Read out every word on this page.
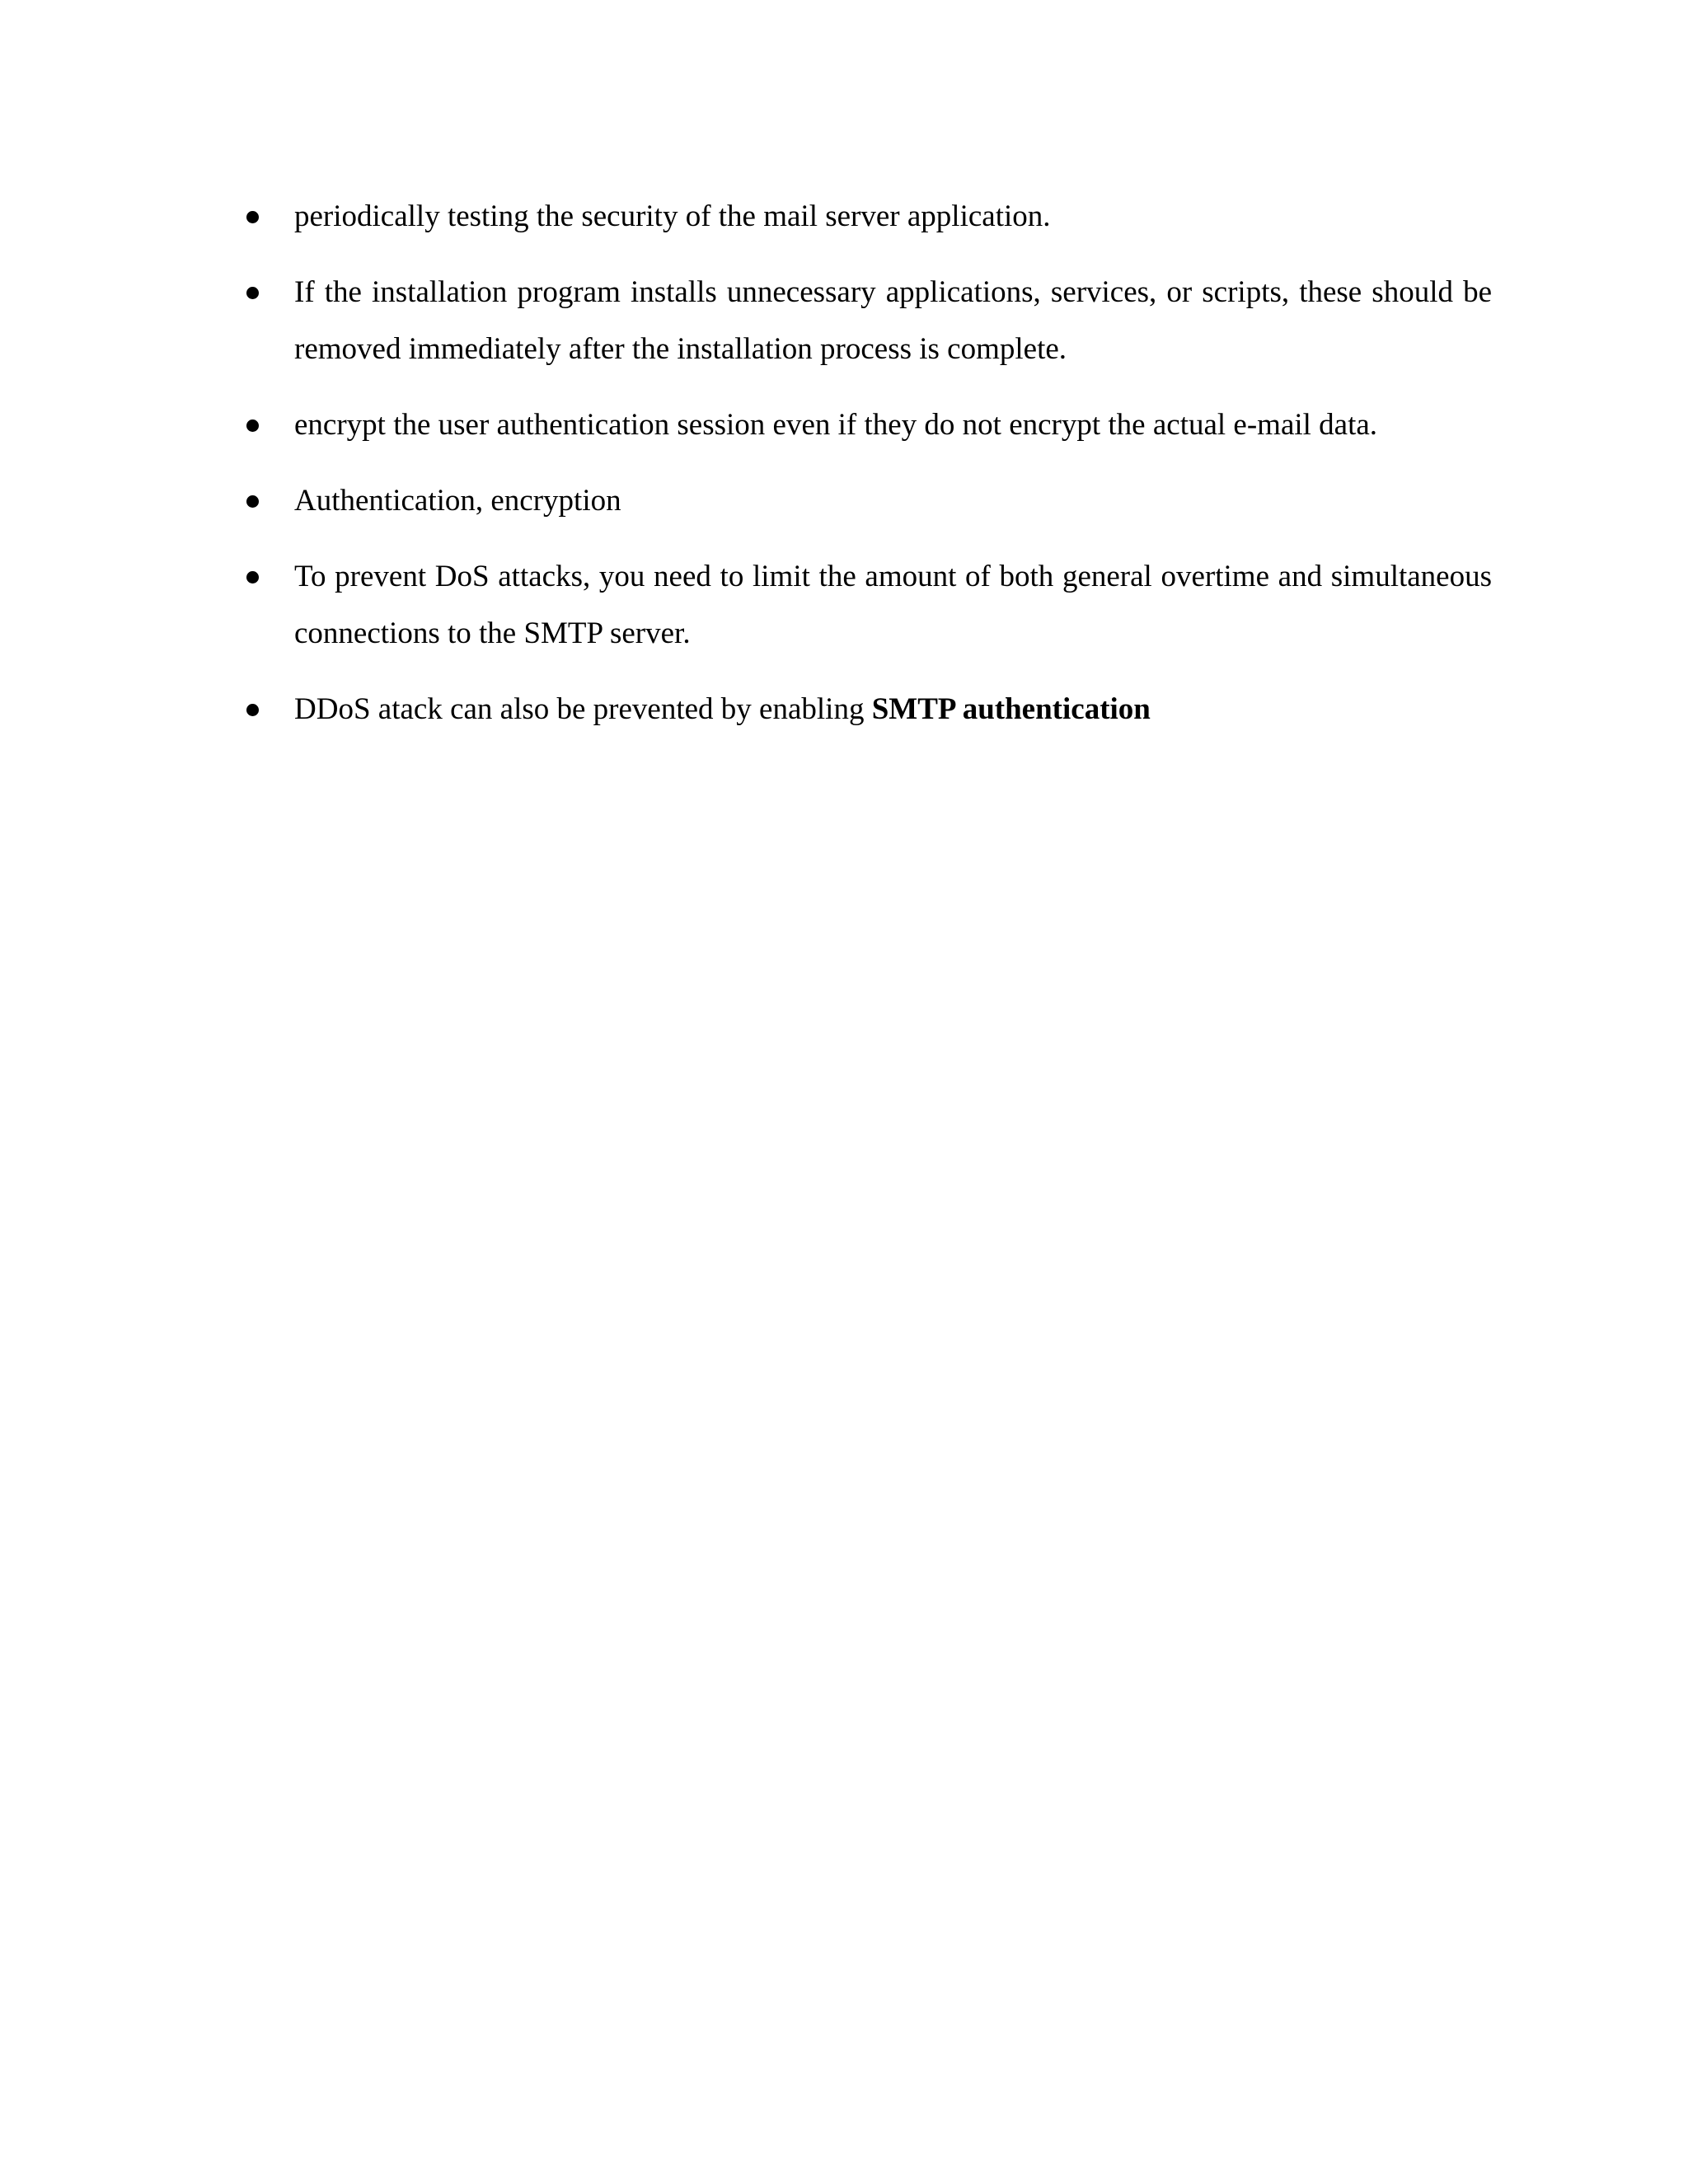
periodically testing the security of the mail server application.
If the installation program installs unnecessary applications, services, or scripts, these should be removed immediately after the installation process is complete.
encrypt the user authentication session even if they do not encrypt the actual e-mail data.
Authentication, encryption
To prevent DoS attacks, you need to limit the amount of both general overtime and simultaneous connections to the SMTP server.
DDoS atack can also be prevented by enabling SMTP authentication
